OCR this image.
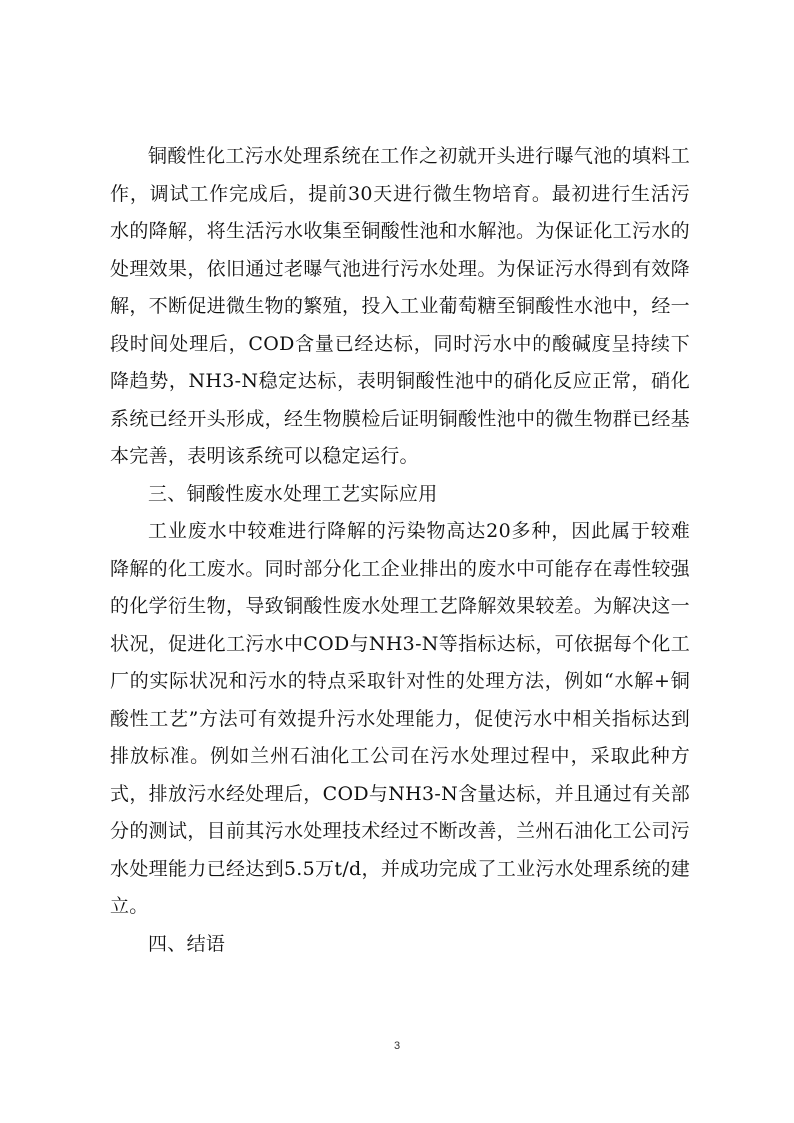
铜酸性化工污水处理系统在工作之初就开头进行曝气池的填料工作，调试工作完成后，提前30天进行微生物培育。最初进行生活污水的降解，将生活污水收集至铜酸性池和水解池。为保证化工污水的处理效果，依旧通过老曝气池进行污水处理。为保证污水得到有效降解，不断促进微生物的繁殖，投入工业葡萄糖至铜酸性水池中，经一段时间处理后，COD含量已经达标，同时污水中的酸碱度呈持续下降趋势，NH3-N稳定达标，表明铜酸性池中的硝化反应正常，硝化系统已经开头形成，经生物膜检后证明铜酸性池中的微生物群已经基本完善，表明该系统可以稳定运行。

三、铜酸性废水处理工艺实际应用

工业废水中较难进行降解的污染物高达20多种，因此属于较难降解的化工废水。同时部分化工企业排出的废水中可能存在毒性较强的化学衍生物，导致铜酸性废水处理工艺降解效果较差。为解决这一状况，促进化工污水中COD与NH3-N等指标达标，可依据每个化工厂的实际状况和污水的特点采取针对性的处理方法，例如“水解+铜酸性工艺”方法可有效提升污水处理能力，促使污水中相关指标达到排放标准。例如兰州石油化工公司在污水处理过程中，采取此种方式，排放污水经处理后，COD与NH3-N含量达标，并且通过有关部分的测试，目前其污水处理技术经过不断改善，兰州石油化工公司污水处理能力已经达到5.5万t/d，并成功完成了工业污水处理系统的建立。

四、结语

3
